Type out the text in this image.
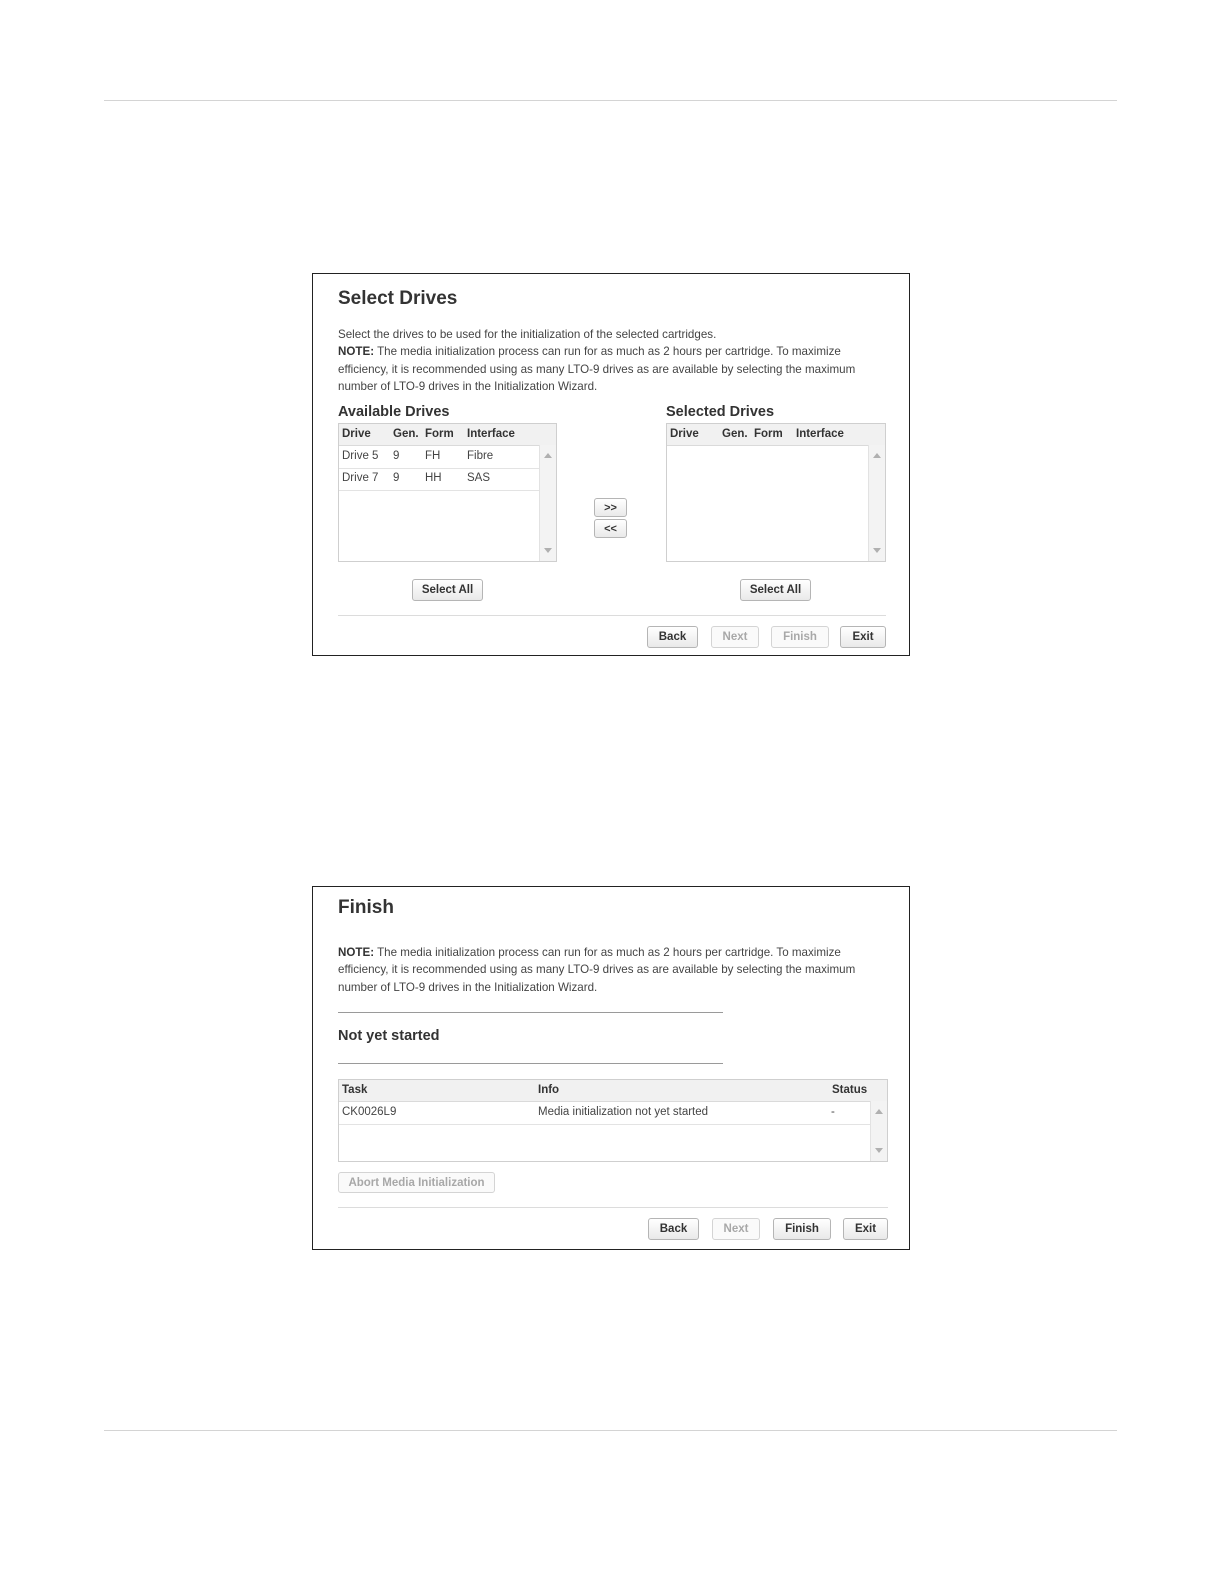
Select Drives
Select the drives to be used for the initialization of the selected cartridges.
NOTE: The media initialization process can run for as much as 2 hours per cartridge. To maximize
efficiency, it is recommended using as many LTO-9 drives as are available by selecting the maximum
number of LTO-9 drives in the Initialization Wizard.
Available Drives
Drive Gen. Form Interface
Drive 5 9 FH Fibre
Drive 7 9 HH SAS
Select All
>>
<<
Selected Drives
Drive Gen. Form Interface
Select All
Back	Next	Finish	Exit
Finish
NOTE: The media initialization process can run for as much as 2 hours per cartridge. To maximize
efficiency, it is recommended using as many LTO-9 drives as are available by selecting the maximum
number of LTO-9 drives in the Initialization Wizard.
Not yet started
Task	Info	Status
CK0026L9	Media initialization not yet started	-
Abort Media Initialization
Back	Next	Finish	Exit
